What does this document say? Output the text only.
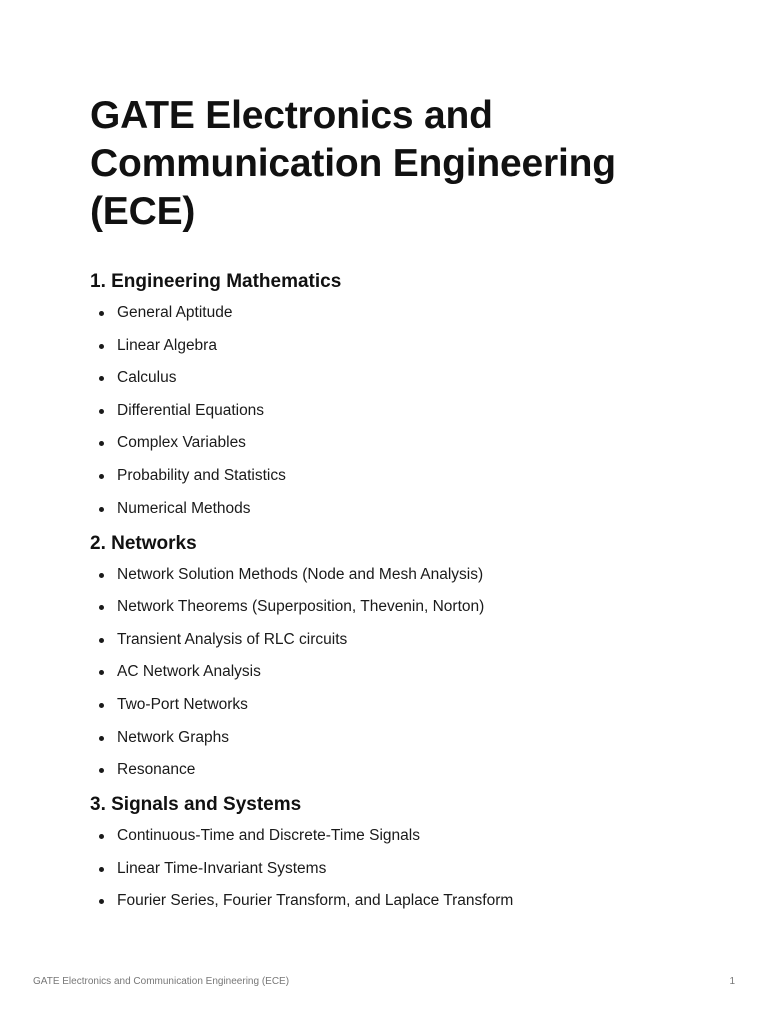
GATE Electronics and Communication Engineering (ECE)
1. Engineering Mathematics
General Aptitude
Linear Algebra
Calculus
Differential Equations
Complex Variables
Probability and Statistics
Numerical Methods
2. Networks
Network Solution Methods (Node and Mesh Analysis)
Network Theorems (Superposition, Thevenin, Norton)
Transient Analysis of RLC circuits
AC Network Analysis
Two-Port Networks
Network Graphs
Resonance
3. Signals and Systems
Continuous-Time and Discrete-Time Signals
Linear Time-Invariant Systems
Fourier Series, Fourier Transform, and Laplace Transform
GATE Electronics and Communication Engineering (ECE)	1
